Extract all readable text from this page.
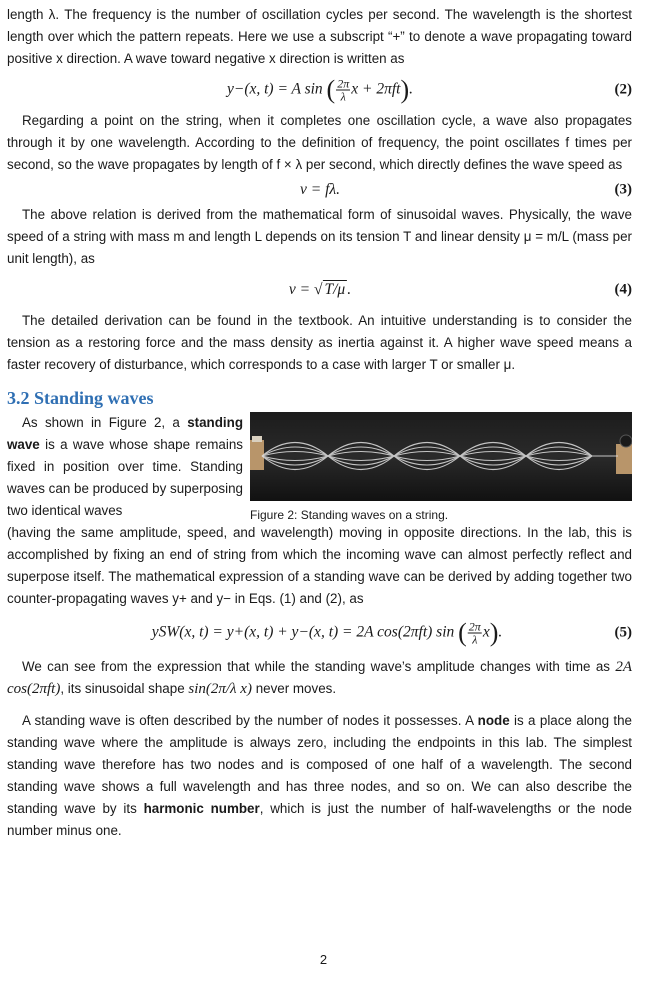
length λ. The frequency is the number of oscillation cycles per second. The wavelength is the shortest length over which the pattern repeats. Here we use a subscript “+” to denote a wave propagating toward positive x direction. A wave toward negative x direction is written as

y−(x, t) = A sin ( $\frac{2\pi}{\lambda}$ x + 2πft).	(2)

Regarding a point on the string, when it completes one oscillation cycle, a wave also propagates through it by one wavelength. According to the definition of frequency, the point oscillates f times per second, so the wave propagates by length of f × λ per second, which directly defines the wave speed as

v = fλ.	(3)

The above relation is derived from the mathematical form of sinusoidal waves. Physically, the wave speed of a string with mass m and length L depends on its tension T and linear density μ = m/L (mass per unit length), as

v = √ T/μ .	(4)

The detailed derivation can be found in the textbook. An intuitive understanding is to consider the tension as a restoring force and the mass density as inertia against it. A higher wave speed means a faster recovery of disturbance, which corresponds to a case with larger T or smaller μ.

3.2 Standing waves
Figure 2: Standing waves on a string.

As shown in Figure 2, a standing wave is a wave whose shape remains fixed in position over time. Standing waves can be produced by superposing two identical waves

(having the same amplitude, speed, and wavelength) moving in opposite directions. In the lab, this is accomplished by fixing an end of string from which the incoming wave can almost perfectly reflect and superpose itself. The mathematical expression of a standing wave can be derived by adding together two counter-propagating waves y+ and y− in Eqs. (1) and (2), as

ySW(x, t) = y+(x, t) + y−(x, t) = 2A cos(2πft) sin ( $\frac{2\pi}{\lambda} x$).	(5)

We can see from the expression that while the standing wave’s amplitude changes with time as 2A cos(2πft), its sinusoidal shape sin(2π/λ x) never moves.

A standing wave is often described by the number of nodes it possesses. A node is a place along the standing wave where the amplitude is always zero, including the endpoints in this lab. The simplest standing wave therefore has two nodes and is composed of one half of a wavelength. The second standing wave shows a full wavelength and has three nodes, and so on. We can also describe the standing wave by its harmonic number, which is just the number of half-wavelengths or the node number minus one.

2
